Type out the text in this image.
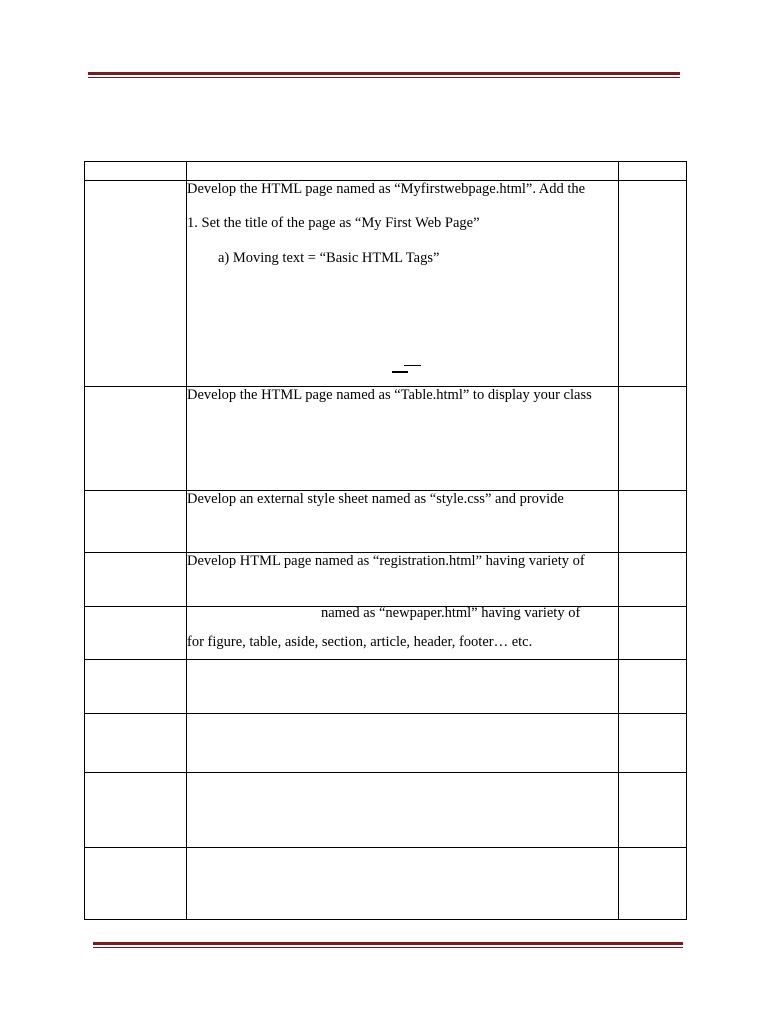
	Develop the HTML page named as “Myfirstwebpage.html”. Add the
1. Set the title of the page as “My First Web Page”
a) Moving text = “Basic HTML Tags”	

	Develop the HTML page named as “Table.html” to display your class	

	Develop an external style sheet named as “style.css” and provide	

	Develop HTML page named as “registration.html” having variety of	

	named as “newpaper.html” having variety of
for figure, table, aside, section, article, header, footer… etc.	
